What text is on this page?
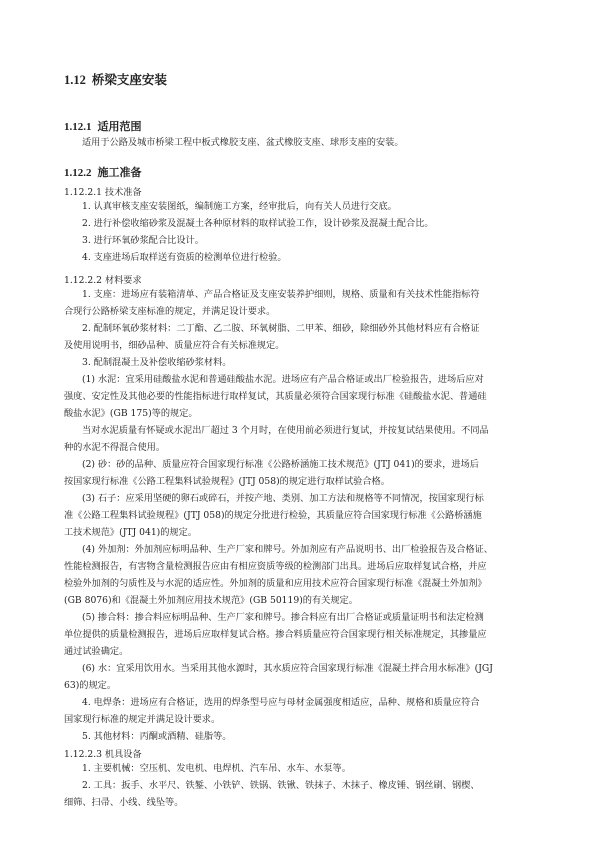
1.12 桥梁支座安装
1.12.1 适用范围
适用于公路及城市桥梁工程中板式橡胶支座、盆式橡胶支座、球形支座的安装。
1.12.2 施工准备
1.12.2.1 技术准备
1. 认真审核支座安装图纸，编制施工方案，经审批后，向有关人员进行交底。
2. 进行补偿收缩砂浆及混凝土各种原材料的取样试验工作，设计砂浆及混凝土配合比。
3. 进行环氧砂浆配合比设计。
4. 支座进场后取样送有资质的检测单位进行检验。
1.12.2.2 材料要求
1. 支座：进场应有装箱清单、产品合格证及支座安装养护细则，规格、质量和有关技术性能指标符
合现行公路桥梁支座标准的规定，并满足设计要求。
2. 配制环氧砂浆材料：二丁酯、乙二胺、环氧树脂、二甲苯、细砂，除细砂外其他材料应有合格证
及使用说明书，细砂品种、质量应符合有关标准规定。
3. 配制混凝土及补偿收缩砂浆材料。
(1) 水泥：宜采用硅酸盐水泥和普通硅酸盐水泥。进场应有产品合格证或出厂检验报告，进场后应对
强度、安定性及其他必要的性能指标进行取样复试，其质量必须符合国家现行标准《硅酸盐水泥、普通硅
酸盐水泥》(GB 175)等的规定。
当对水泥质量有怀疑或水泥出厂超过 3 个月时，在使用前必须进行复试，并按复试结果使用。不同品
种的水泥不得混合使用。
(2) 砂：砂的品种、质量应符合国家现行标准《公路桥涵施工技术规范》(JTJ 041)的要求，进场后
按国家现行标准《公路工程集料试验规程》(JTJ 058)的规定进行取样试验合格。
(3) 石子：应采用坚硬的卵石或碎石，并按产地、类别、加工方法和规格等不同情况，按国家现行标
准《公路工程集料试验规程》(JTJ 058)的规定分批进行检验，其质量应符合国家现行标准《公路桥涵施
工技术规范》(JTJ 041)的规定。
(4) 外加剂：外加剂应标明品种、生产厂家和牌号。外加剂应有产品说明书、出厂检验报告及合格证、
性能检测报告，有害物含量检测报告应由有相应资质等级的检测部门出具。进场后应取样复试合格，并应
检验外加剂的匀质性及与水泥的适应性。外加剂的质量和应用技术应符合国家现行标准《混凝土外加剂》
(GB 8076)和《混凝土外加剂应用技术规范》(GB 50119)的有关规定。
(5) 掺合料：掺合料应标明品种、生产厂家和牌号。掺合料应有出厂合格证或质量证明书和法定检测
单位提供的质量检测报告，进场后应取样复试合格。掺合料质量应符合国家现行相关标准规定，其掺量应
通过试验确定。
(6) 水：宜采用饮用水。当采用其他水源时，其水质应符合国家现行标准《混凝土拌合用水标准》(JGJ
63)的规定。
4. 电焊条：进场应有合格证，选用的焊条型号应与母材金属强度相适应，品种、规格和质量应符合
国家现行标准的规定并满足设计要求。
5. 其他材料：丙酮或酒精、硅脂等。
1.12.2.3 机具设备
1. 主要机械：空压机、发电机、电焊机、汽车吊、水车、水泵等。
2. 工具：扳手、水平尺、铁錾、小铁铲、铁锅、铁锹、铁抹子、木抹子、橡皮锤、钢丝刷、钢楔、
细筛、扫帚、小线、线坠等。
